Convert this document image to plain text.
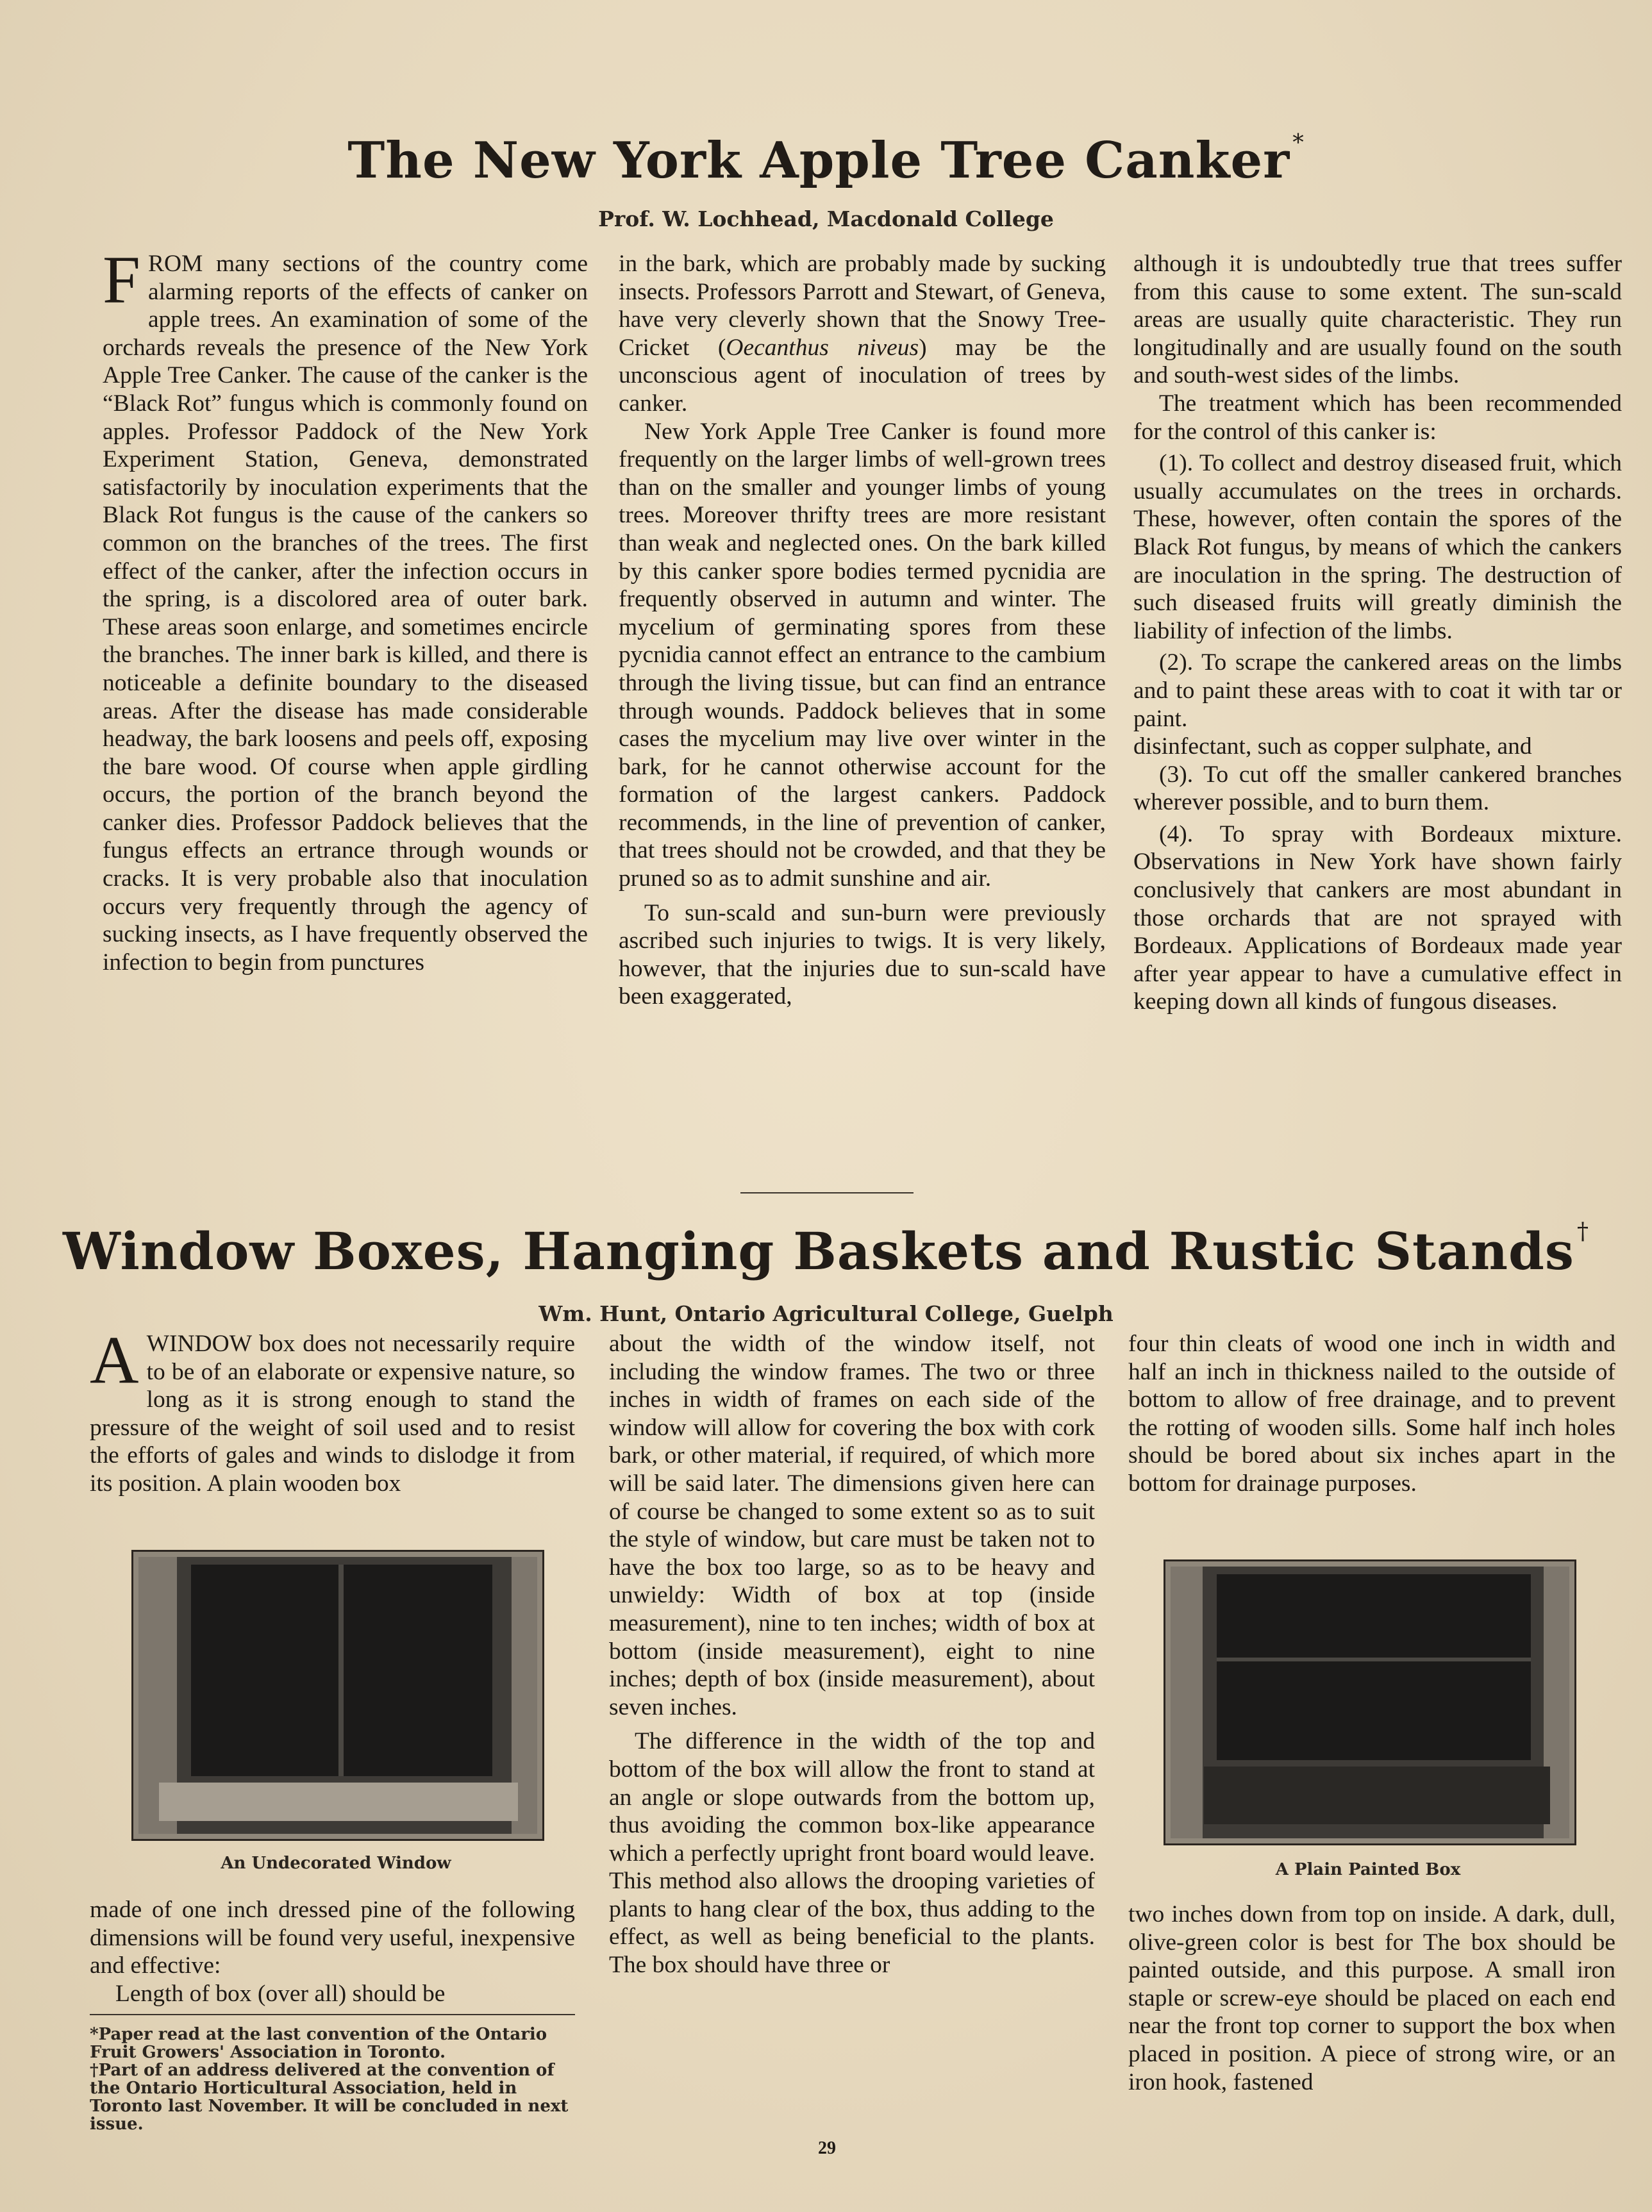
The New York Apple Tree Canker *
Prof. W. Lochhead, Macdonald College

FROM many sections of the country come alarming reports of the effects of canker on apple trees. An examination of some of the orchards reveals the presence of the New York Apple Tree Canker. The cause of the canker is the “Black Rot” fungus which is commonly found on apples. Professor Paddock of the New York Experiment Station, Geneva, demonstrated satisfactorily by inoculation experiments that the Black Rot fungus is the cause of the cankers so common on the branches of the trees. The first effect of the canker, after the infection occurs in the spring, is a discolored area of outer bark. These areas soon enlarge, and sometimes encircle the branches. The inner bark is killed, and there is noticeable a definite boundary to the diseased areas. After the disease has made considerable headway, the bark loosens and peels off, exposing the bare wood. Of course when apple girdling occurs, the portion of the branch beyond the canker dies. Professor Paddock believes that the fungus effects an ertrance through wounds or cracks. It is very probable also that inoculation occurs very frequently through the agency of sucking insects, as I have frequently observed the infection to begin from punctures

in the bark, which are probably made by sucking insects. Professors Parrott and Stewart, of Geneva, have very cleverly shown that the Snowy Tree-Cricket (Oecanthus niveus) may be the unconscious agent of inoculation of trees by canker.

New York Apple Tree Canker is found more frequently on the larger limbs of well-grown trees than on the smaller and younger limbs of young trees. Moreover thrifty trees are more resistant than weak and neglected ones. On the bark killed by this canker spore bodies termed pycnidia are frequently observed in autumn and winter. The mycelium of germinating spores from these pycnidia cannot effect an entrance to the cambium through the living tissue, but can find an entrance through wounds. Paddock believes that in some cases the mycelium may live over winter in the bark, for he cannot otherwise account for the formation of the largest cankers. Paddock recommends, in the line of prevention of canker, that trees should not be crowded, and that they be pruned so as to admit sunshine and air.

To sun-scald and sun-burn were previously ascribed such injuries to twigs. It is very likely, however, that the injuries due to sun-scald have been exaggerated,

although it is undoubtedly true that trees suffer from this cause to some extent. The sun-scald areas are usually quite characteristic. They run longitudinally and are usually found on the south and south-west sides of the limbs.

The treatment which has been recommended for the control of this canker is:

(1). To collect and destroy diseased fruit, which usually accumulates on the trees in orchards. These, however, often contain the spores of the Black Rot fungus, by means of which the cankers are inoculation in the spring. The destruction of such diseased fruits will greatly diminish the liability of infection of the limbs.

(2). To scrape the cankered areas on the limbs and to paint these areas with to coat it with tar or paint.

disinfectant, such as copper sulphate, and

(3). To cut off the smaller cankered branches wherever possible, and to burn them.

(4). To spray with Bordeaux mixture. Observations in New York have shown fairly conclusively that cankers are most abundant in those orchards that are not sprayed with Bordeaux. Applications of Bordeaux made year after year appear to have a cumulative effect in keeping down all kinds of fungous diseases.

Window Boxes, Hanging Baskets and Rustic Stands †
Wm. Hunt, Ontario Agricultural College, Guelph

AWINDOW box does not necessarily require to be of an elaborate or expensive nature, so long as it is strong enough to stand the pressure of the weight of soil used and to resist the efforts of gales and winds to dislodge it from its position. A plain wooden box

An Undecorated Window

made of one inch dressed pine of the following dimensions will be found very useful, inexpensive and effective:

Length of box (over all) should be

*Paper read at the last convention of the Ontario Fruit Growers' Association in Toronto.

†Part of an address delivered at the convention of the Ontario Horticultural Association, held in Toronto last November. It will be concluded in next issue.

about the width of the window itself, not including the window frames. The two or three inches in width of frames on each side of the window will allow for covering the box with cork bark, or other material, if required, of which more will be said later. The dimensions given here can of course be changed to some extent so as to suit the style of window, but care must be taken not to have the box too large, so as to be heavy and unwieldy: Width of box at top (inside measurement), nine to ten inches; width of box at bottom (inside measurement), eight to nine inches; depth of box (inside measurement), about seven inches.

The difference in the width of the top and bottom of the box will allow the front to stand at an angle or slope outwards from the bottom up, thus avoiding the common box-like appearance which a perfectly upright front board would leave. This method also allows the drooping varieties of plants to hang clear of the box, thus adding to the effect, as well as being beneficial to the plants. The box should have three or

four thin cleats of wood one inch in width and half an inch in thickness nailed to the outside of bottom to allow of free drainage, and to prevent the rotting of wooden sills. Some half inch holes should be bored about six inches apart in the bottom for drainage purposes.

A Plain Painted Box

two inches down from top on inside. A dark, dull, olive-green color is best for The box should be painted outside, and this purpose. A small iron staple or screw-eye should be placed on each end near the front top corner to support the box when placed in position. A piece of strong wire, or an iron hook, fastened

29
